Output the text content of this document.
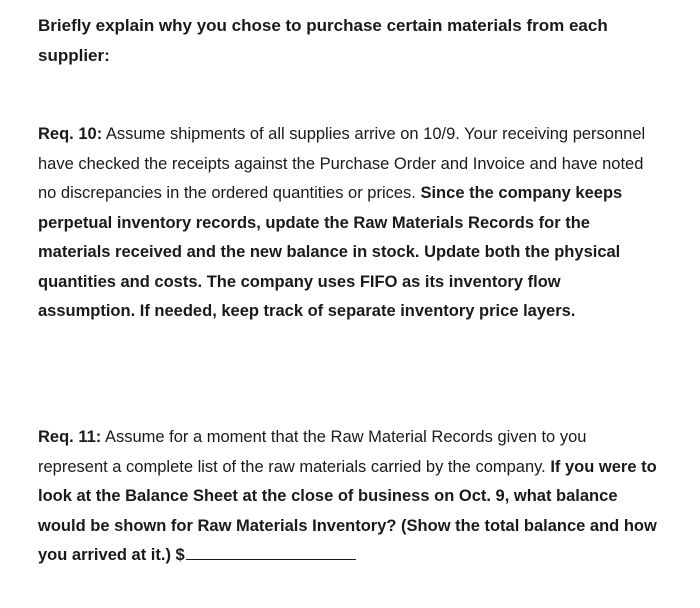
Briefly explain why you chose to purchase certain materials from each supplier:
Req. 10: Assume shipments of all supplies arrive on 10/9. Your receiving personnel have checked the receipts against the Purchase Order and Invoice and have noted no discrepancies in the ordered quantities or prices. Since the company keeps perpetual inventory records, update the Raw Materials Records for the materials received and the new balance in stock. Update both the physical quantities and costs. The company uses FIFO as its inventory flow assumption. If needed, keep track of separate inventory price layers.
Req. 11: Assume for a moment that the Raw Material Records given to you represent a complete list of the raw materials carried by the company. If you were to look at the Balance Sheet at the close of business on Oct. 9, what balance would be shown for Raw Materials Inventory? (Show the total balance and how you arrived at it.) $
